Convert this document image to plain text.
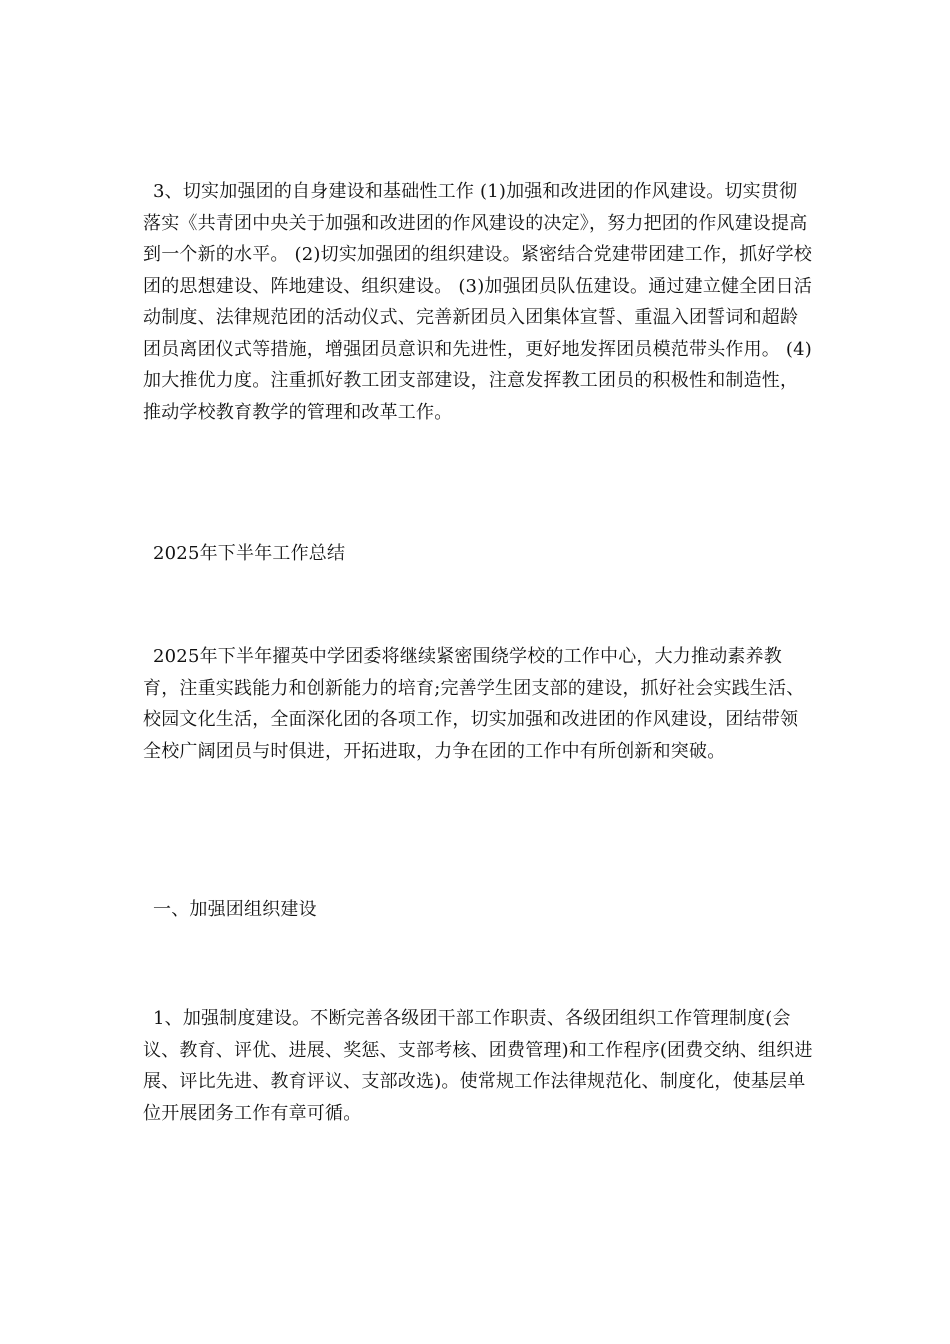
3、切实加强团的自身建设和基础性工作 (1)加强和改进团的作风建设。切实贯彻落实《共青团中央关于加强和改进团的作风建设的决定》，努力把团的作风建设提高到一个新的水平。 (2)切实加强团的组织建设。紧密结合党建带团建工作，抓好学校团的思想建设、阵地建设、组织建设。 (3)加强团员队伍建设。通过建立健全团日活动制度、法律规范团的活动仪式、完善新团员入团集体宣誓、重温入团誓词和超龄团员离团仪式等措施，增强团员意识和先进性，更好地发挥团员模范带头作用。 (4)加大推优力度。注重抓好教工团支部建设，注意发挥教工团员的积极性和制造性，推动学校教育教学的管理和改革工作。

2025年下半年工作总结

2025年下半年擢英中学团委将继续紧密围绕学校的工作中心，大力推动素养教育，注重实践能力和创新能力的培育;完善学生团支部的建设，抓好社会实践生活、校园文化生活，全面深化团的各项工作，切实加强和改进团的作风建设，团结带领全校广阔团员与时俱进，开拓进取，力争在团的工作中有所创新和突破。

一、加强团组织建设

1、加强制度建设。不断完善各级团干部工作职责、各级团组织工作管理制度(会议、教育、评优、进展、奖惩、支部考核、团费管理)和工作程序(团费交纳、组织进展、评比先进、教育评议、支部改选)。使常规工作法律规范化、制度化，使基层单位开展团务工作有章可循。
